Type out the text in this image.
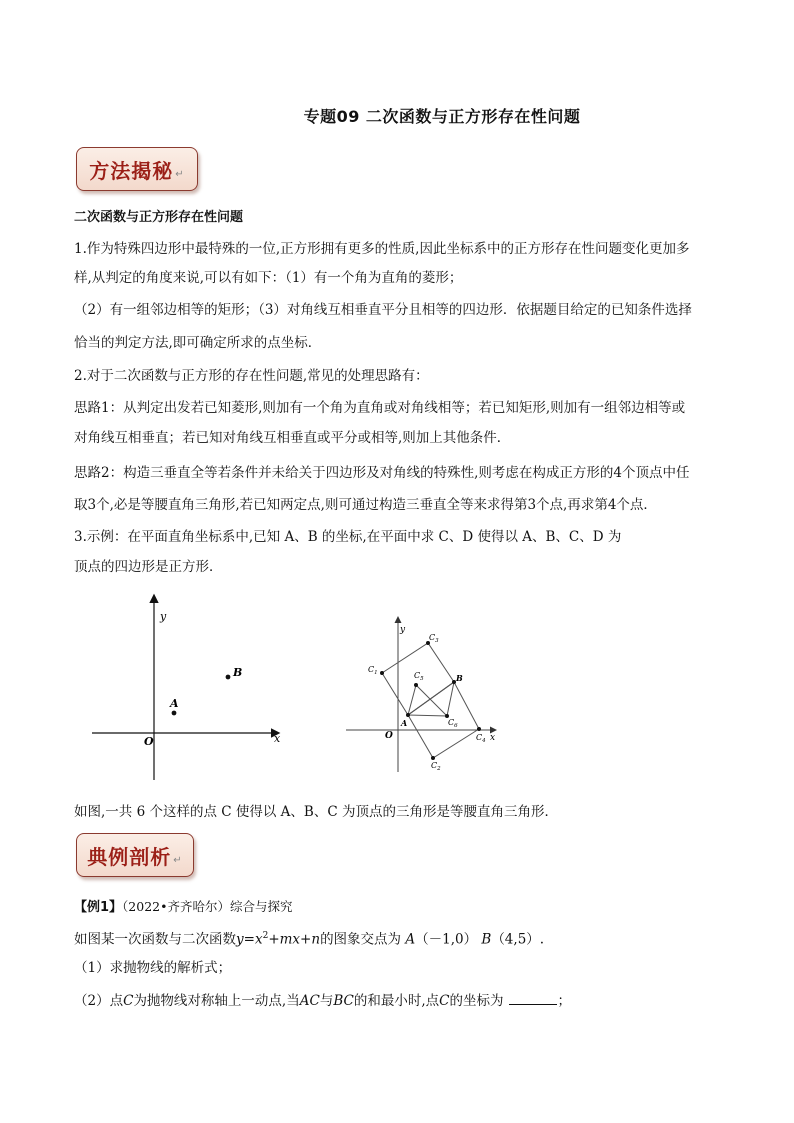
专题09 二次函数与正方形存在性问题
方法揭秘 ↵
二次函数与正方形存在性问题
1.作为特殊四边形中最特殊的一位,正方形拥有更多的性质,因此坐标系中的正方形存在性问题变化更加多
样,从判定的角度来说,可以有如下：（1）有一个角为直角的菱形；
（2）有一组邻边相等的矩形；（3）对角线互相垂直平分且相等的四边形．依据题目给定的已知条件选择
恰当的判定方法,即可确定所求的点坐标．
2.对于二次函数与正方形的存在性问题,常见的处理思路有：
思路1：从判定出发若已知菱形,则加有一个角为直角或对角线相等；若已知矩形,则加有一组邻边相等或
对角线互相垂直；若已知对角线互相垂直或平分或相等,则加上其他条件．
思路2：构造三垂直全等若条件并未给关于四边形及对角线的特殊性,则考虑在构成正方形的4个顶点中任
取3个,必是等腰直角三角形,若已知两定点,则可通过构造三垂直全等来求得第3个点,再求第4个点．
3.示例：在平面直角坐标系中,已知 A、B 的坐标,在平面中求 C、D 使得以 A、B、C、D 为
顶点的四边形是正方形．
y
x
O
A
B
y
x
O
A
B
$C_1$
$C_2$
$C_3$
$C_4$
$C_5$
$C_6$
如图,一共 6 个这样的点 C 使得以 A、B、C 为顶点的三角形是等腰直角三角形．
典例剖析 ↵
【例1】（2022•齐齐哈尔）综合与探究
如图某一次函数与二次函数$y=x^2+mx+n$的图象交点为 A（－1,0） B（4,5）.
（1）求抛物线的解析式；
（2）点C为抛物线对称轴上一动点,当AC与BC的和最小时,点C的坐标为	；
